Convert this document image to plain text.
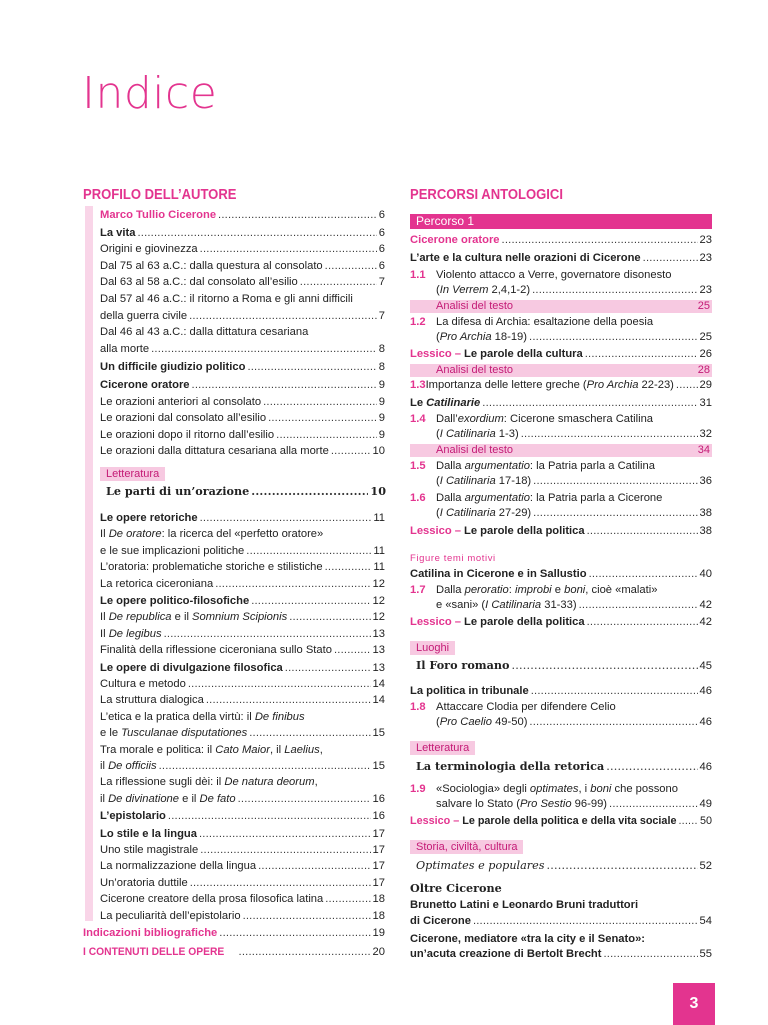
Indice
PROFILO DELL’AUTORE
Marco Tullio Cicerone .....	6
La vita .....	6
Origini e giovinezza .....	6
Dal 75 al 63 a.C.: dalla questura al consolato .....	6
Dal 63 al 58 a.C.: dal consolato all’esilio .....	7
Dal 57 al 46 a.C.: il ritorno a Roma e gli anni difficili
della guerra civile .....	7
Dal 46 al 43 a.C.: dalla dittatura cesariana
alla morte .....	8
Un difficile giudizio politico .....	8
Cicerone oratore .....	9
Le orazioni anteriori al consolato .....	9
Le orazioni dal consolato all’esilio .....	9
Le orazioni dopo il ritorno dall’esilio .....	9
Le orazioni dalla dittatura cesariana alla morte .....	10
Letteratura
Le parti di un’orazione .....	10
Le opere retoriche .....	11
Il De oratore: la ricerca del «perfetto oratore»
e le sue implicazioni politiche .....	11
L’oratoria: problematiche storiche e stilistiche .....	11
La retorica ciceroniana .....	12
Le opere politico-filosofiche .....	12
Il De republica e il Somnium Scipionis .....	12
Il De legibus .....	13
Finalità della riflessione ciceroniana sullo Stato .....	13
Le opere di divulgazione filosofica .....	13
Cultura e metodo .....	14
La struttura dialogica .....	14
L’etica e la pratica della virtù: il De finibus
e le Tusculanae disputationes .....	15
Tra morale e politica: il Cato Maior, il Laelius,
il De officiis .....	15
La riflessione sugli dèi: il De natura deorum,
il De divinatione e il De fato .....	16
L’epistolario .....	16
Lo stile e la lingua .....	17
Uno stile magistrale .....	17
La normalizzazione della lingua .....	17
Un’oratoria duttile .....	17
Cicerone creatore della prosa filosofica latina .....	18
La peculiarità dell’epistolario .....	18
Indicazioni bibliografiche .....	19
I CONTENUTI DELLE OPERE .....	20
PERCORSI ANTOLOGICI
Percorso 1
Cicerone oratore .....	23
L’arte e la cultura nelle orazioni di Cicerone .....	23
1.1 Violento attacco a Verre, governatore disonesto
(In Verrem 2,4,1-2) .....	23
Analisi del testo	25
1.2 La difesa di Archia: esaltazione della poesia
(Pro Archia 18-19) .....	25
Lessico – Le parole della cultura .....	26
Analisi del testo	28
1.3 Importanza delle lettere greche (Pro Archia 22-23) ..... 29
Le Catilinarie .....	31
1.4 Dall’exordium: Cicerone smaschera Catilina
(I Catilinaria 1-3) .....	32
Analisi del testo	34
1.5 Dalla argumentatio: la Patria parla a Catilina
(I Catilinaria 17-18) .....	36
1.6 Dalla argumentatio: la Patria parla a Cicerone
(I Catilinaria 27-29) .....	38
Lessico – Le parole della politica .....	38
Figure temi motivi
Catilina in Cicerone e in Sallustio .....	40
1.7 Dalla peroratio: improbi e boni, cioè «malati»
e «sani» (I Catilinaria 31-33) .....	42
Lessico – Le parole della politica .....	42
Luoghi
Il Foro romano .....	45
La politica in tribunale .....	46
1.8 Attaccare Clodia per difendere Celio
(Pro Caelio 49-50) .....	46
Letteratura
La terminologia della retorica .....	46
1.9 «Sociologia» degli optimates, i boni che possono
salvare lo Stato (Pro Sestio 96-99) .....	49
Lessico – Le parole della politica e della vita sociale ..... 50
Storia, civiltà, cultura
Optimates e populares .....	52
Oltre Cicerone
Brunetto Latini e Leonardo Bruni traduttori
di Cicerone .....	54
Cicerone, mediatore «tra la city e il Senato»:
un’acuta creazione di Bertolt Brecht .....	55
3
